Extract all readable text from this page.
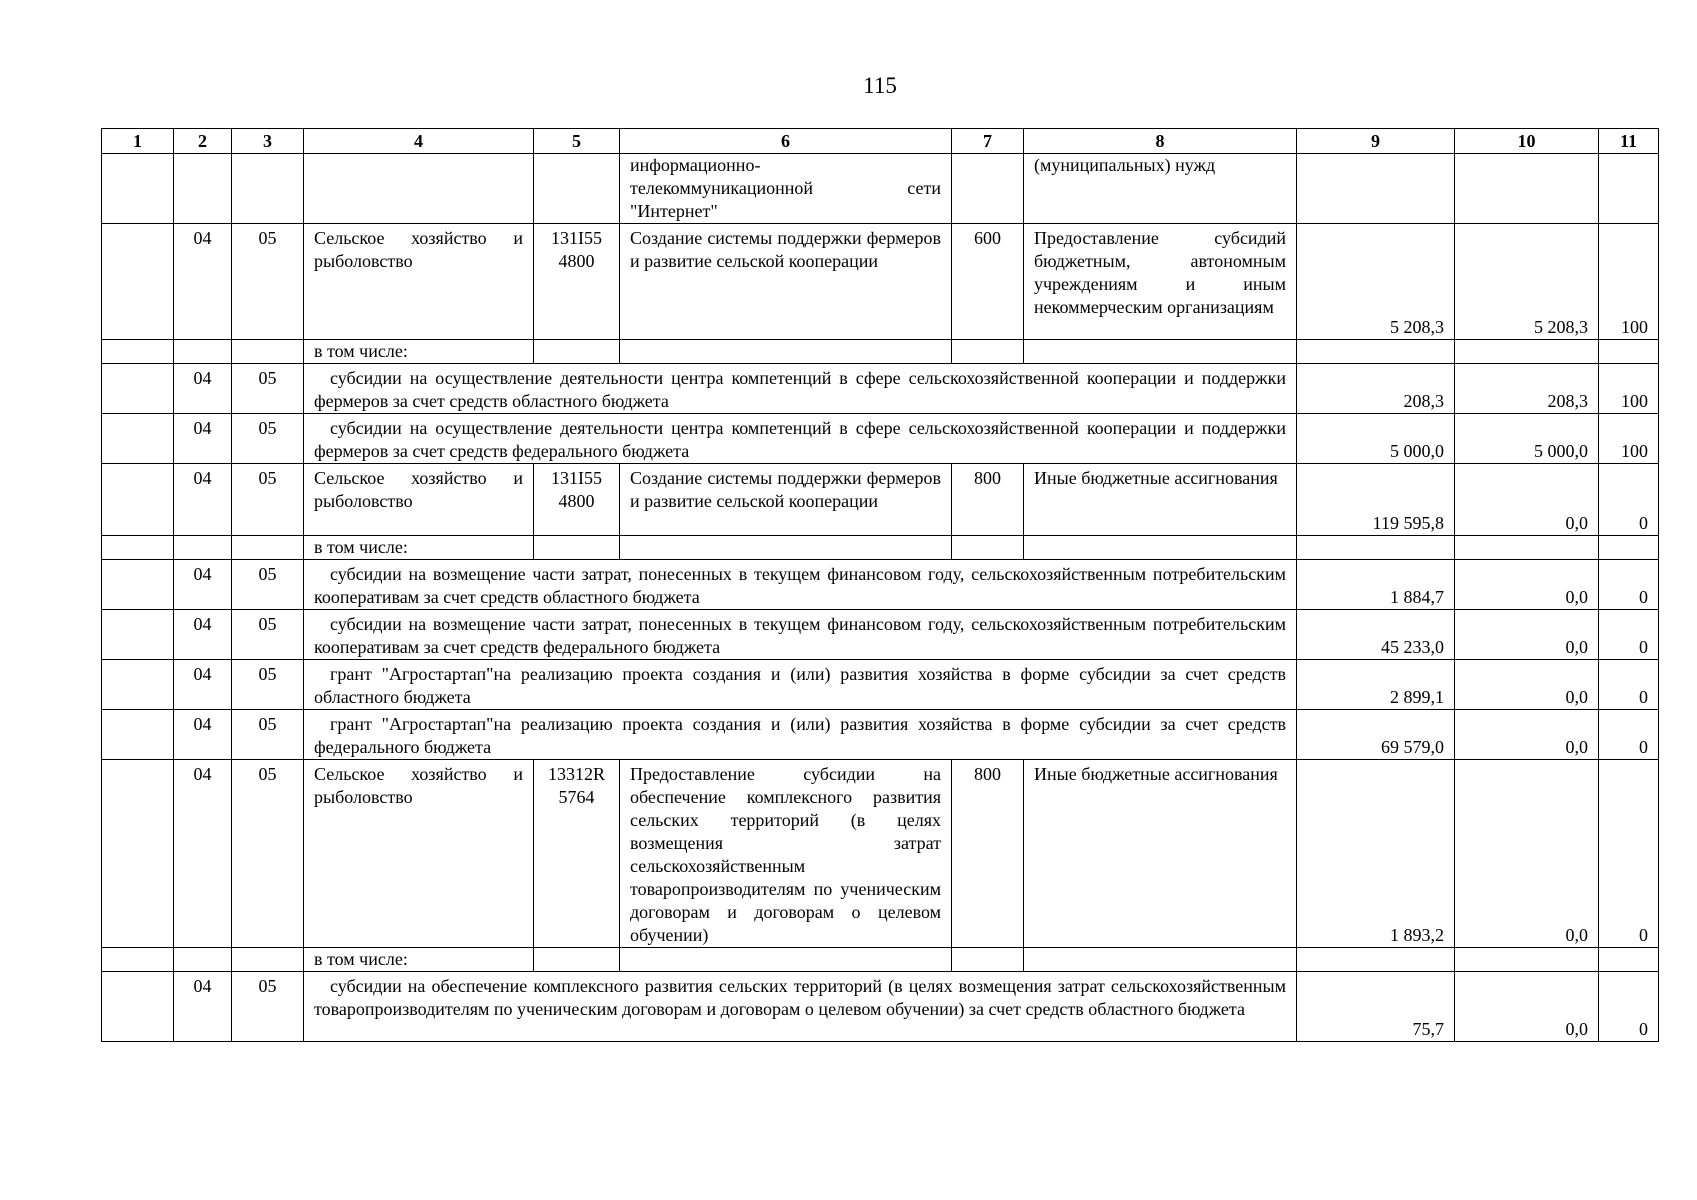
115
1	2	3	4	5	6	7	8	9	10	11
					информационно-телекоммуникационной сети "Интернет"		(муниципальных) нужд			
	04	05	Сельское хозяйство и рыболовство	131I55 4800	Создание системы поддержки фермеров и развитие сельской кооперации	600	Предоставление субсидий бюджетным, автономным учреждениям и иным некоммерческим организациям	5 208,3	5 208,3	100
			в том числе:							
	04	05	субсидии на осуществление деятельности центра компетенций в сфере сельскохозяйственной кооперации и поддержки фермеров за счет средств областного бюджета					208,3	208,3	100
	04	05	субсидии на осуществление деятельности центра компетенций в сфере сельскохозяйственной кооперации и поддержки фермеров за счет средств федерального бюджета					5 000,0	5 000,0	100
	04	05	Сельское хозяйство и рыболовство	131I55 4800	Создание системы поддержки фермеров и развитие сельской кооперации	800	Иные бюджетные ассигнования	119 595,8	0,0	0
			в том числе:							
	04	05	субсидии на возмещение части затрат, понесенных в текущем финансовом году, сельскохозяйственным потребительским кооперативам за счет средств областного бюджета					1 884,7	0,0	0
	04	05	субсидии на возмещение части затрат, понесенных в текущем финансовом году, сельскохозяйственным потребительским кооперативам за счет средств федерального бюджета					45 233,0	0,0	0
	04	05	грант "Агростартап"на реализацию проекта создания и (или) развития хозяйства в форме субсидии за счет средств областного бюджета					2 899,1	0,0	0
	04	05	грант "Агростартап"на реализацию проекта создания и (или) развития хозяйства в форме субсидии за счет средств федерального бюджета					69 579,0	0,0	0
	04	05	Сельское хозяйство и рыболовство	13312R 5764	Предоставление субсидии на обеспечение комплексного развития сельских территорий (в целях возмещения затрат сельскохозяйственным товаропроизводителям по ученическим договорам и договорам о целевом обучении)	800	Иные бюджетные ассигнования	1 893,2	0,0	0
			в том числе:							
	04	05	субсидии на обеспечение комплексного развития сельских территорий (в целях возмещения затрат сельскохозяйственным товаропроизводителям по ученическим договорам и договорам о целевом обучении) за счет средств областного бюджета					75,7	0,0	0
